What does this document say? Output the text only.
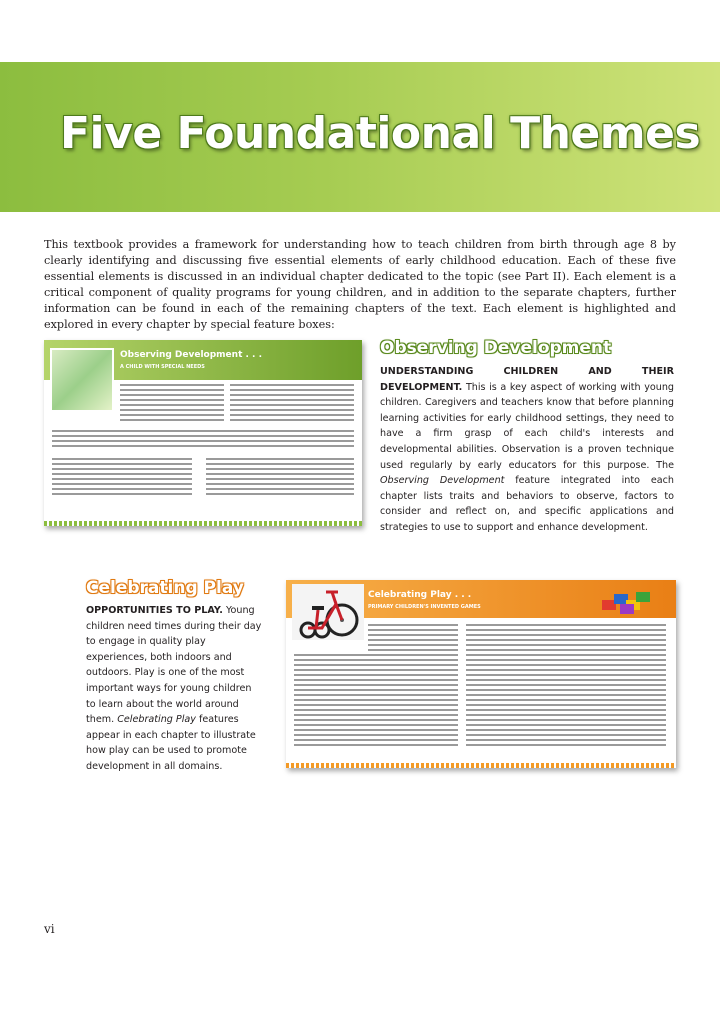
Five Foundational Themes

This textbook provides a framework for understanding how to teach children from birth through age 8 by clearly identifying and discussing five essential elements of early childhood education. Each of these five essential elements is discussed in an individual chapter dedicated to the topic (see Part II). Each element is a critical component of quality programs for young children, and in addition to the separate chapters, further information can be found in each of the remaining chapters of the text. Each element is highlighted and explored in every chapter by special feature boxes:

Observing Development . . .
A CHILD WITH SPECIAL NEEDS
Observing Development

UNDERSTANDING CHILDREN AND THEIR DEVELOPMENT. This is a key aspect of working with young children. Caregivers and teachers know that before planning learning activities for early childhood settings, they need to have a firm grasp of each child's interests and developmental abilities. Observation is a proven technique used regularly by early educators for this purpose. The Observing Development feature integrated into each chapter lists traits and behaviors to observe, factors to consider and reflect on, and specific applications and strategies to use to support and enhance development.

Celebrating Play

OPPORTUNITIES TO PLAY. Young children need times during their day to engage in quality play experiences, both indoors and outdoors. Play is one of the most important ways for young children to learn about the world around them. Celebrating Play features appear in each chapter to illustrate how play can be used to promote development in all domains.

Celebrating Play . . .
PRIMARY CHILDREN'S INVENTED GAMES
vi
